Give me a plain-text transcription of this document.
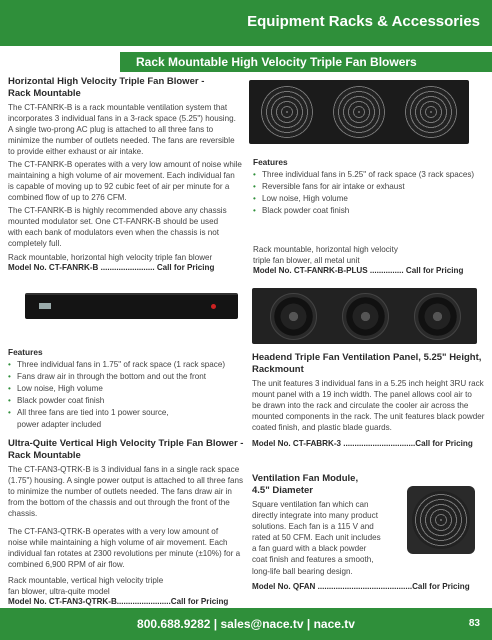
Equipment Racks & Accessories
Rack Mountable High Velocity Triple Fan Blowers
Horizontal High Velocity Triple Fan Blower -
Rack Mountable
The CT-FANRK-B is a rack mountable ventilation system that
incorporates 3 individual fans in a 3-rack space (5.25") housing.
A single two-prong AC plug is attached to all three fans to
minimize the number of outlets needed. The fans are reversible
to provide either exhaust or air intake.
The CT-FANRK-B operates with a very low amount of noise while
maintaining a high volume of air movement. Each individual fan
is capable of moving up to 92 cubic feet of air per minute for a
combined flow of up to 276 CFM.
The CT-FANRK-B is highly recommended above any chassis
mounted modulator set. One CT-FANRK-B should be used
with each bank of modulators even when the chassis is not
completely full.
Rack mountable, horizontal high velocity triple fan blower
Model No. CT-FANRK-B ........................ Call for Pricing
Features
• Three individual fans in 5.25" of rack space (3 rack spaces)
• Reversible fans for air intake or exhaust
• Low noise, High volume
• Black powder coat finish
Rack mountable, horizontal high velocity
triple fan blower, all metal unit
Model No. CT-FANRK-B-PLUS ............... Call for Pricing
Features
• Three individual fans in 1.75" of rack space (1 rack space)
• Fans draw air in through the bottom and out the front
• Low noise, High volume
• Black powder coat finish
• All three fans are tied into 1 power source,
power adapter included
Ultra-Quite Vertical High Velocity Triple Fan Blower -
Rack Mountable
The CT-FAN3-QTRK-B is 3 individual fans in a single rack space
(1.75") housing. A single power output is attached to all three fans
to minimize the number of outlets needed. The fans draw air in
from the bottom of the chassis and out through the front of the
chassis.
The CT-FAN3-QTRK-B operates with a very low amount of
noise while maintaining a high volume of air movement. Each
individual fan rotates at 2300 revolutions per minute (±10%) for a
combined 6,900 RPM of air flow.
Rack mountable, vertical high velocity triple
fan blower, ultra-quite model
Model No. CT-FAN3-QTRK-B........................Call for Pricing
Headend Triple Fan Ventilation Panel, 5.25" Height,
Rackmount
The unit features 3 individual fans in a 5.25 inch height 3RU rack
mount panel with a 19 inch width. The panel allows cool air to
be drawn into the rack and circulate the cooler air across the
mounted components in the rack. The unit features black powder
coated finish, and plastic blade guards.
Model No. CT-FABRK-3 ................................Call for Pricing
Ventilation Fan Module,
4.5" Diameter
Square ventilation fan which can
directly integrate into many product
solutions. Each fan is a 115 V and
rated at 50 CFM. Each unit includes
a fan guard with a black powder
coat finish and features a smooth,
long-life ball bearing design.
Model No. QFAN ..........................................Call for Pricing
800.688.9282 | sales@nace.tv | nace.tv	83
